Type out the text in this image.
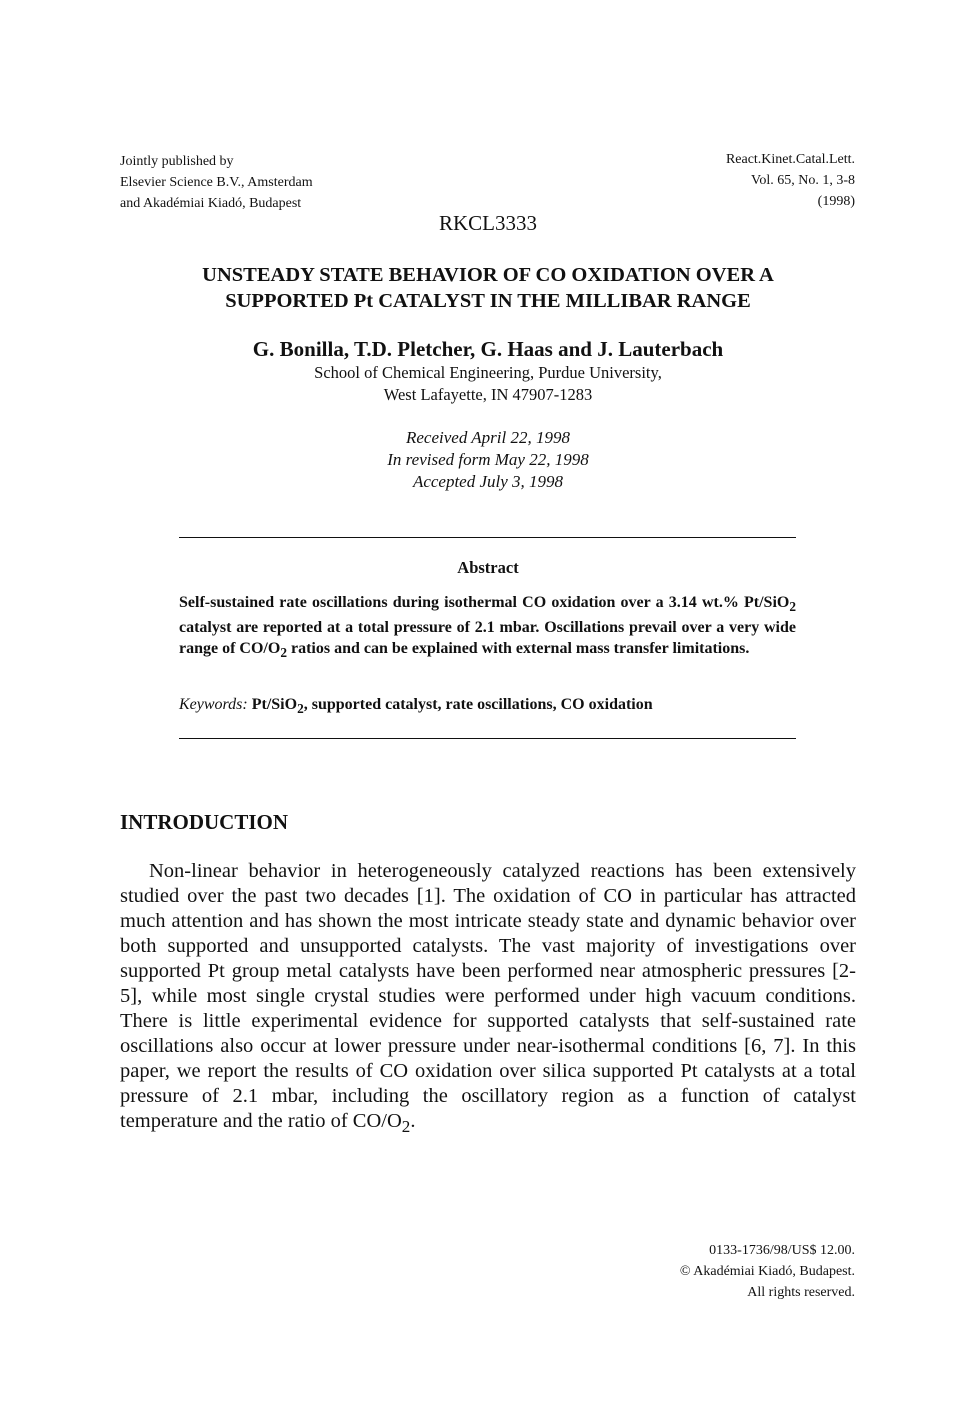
Jointly published by
Elsevier Science B.V., Amsterdam
and Akadémiai Kiadó, Budapest
React.Kinet.Catal.Lett.
Vol. 65, No. 1, 3-8
(1998)
RKCL3333
UNSTEADY STATE BEHAVIOR OF CO OXIDATION OVER A
SUPPORTED Pt CATALYST IN THE MILLIBAR RANGE
G. Bonilla, T.D. Pletcher, G. Haas and J. Lauterbach
School of Chemical Engineering, Purdue University,
West Lafayette, IN 47907-1283
Received April 22, 1998
In revised form May 22, 1998
Accepted July 3, 1998
Abstract
Self-sustained rate oscillations during isothermal CO oxidation over a 3.14 wt.% Pt/SiO$_2$ catalyst are reported at a total pressure of 2.1 mbar. Oscillations prevail over a very wide range of $CO/O_2$ ratios and can be explained with external mass transfer limitations.
Keywords: Pt/SiO$_2$, supported catalyst, rate oscillations, CO oxidation
INTRODUCTION
Non-linear behavior in heterogeneously catalyzed reactions has been extensively studied over the past two decades [1]. The oxidation of CO in particular has attracted much attention and has shown the most intricate steady state and dynamic behavior over both supported and unsupported catalysts. The vast majority of investigations over supported Pt group metal catalysts have been performed near atmospheric pressures [2-5], while most single crystal studies were performed under high vacuum conditions. There is little experimental evidence for supported catalysts that self-sustained rate oscillations also occur at lower pressure under near-isothermal conditions [6, 7]. In this paper, we report the results of CO oxidation over silica supported Pt catalysts at a total pressure of 2.1 mbar, including the oscillatory region as a function of catalyst temperature and the ratio of $CO/O_2$.
0133-1736/98/US$ 12.00.
© Akadémiai Kiadó, Budapest.
All rights reserved.
